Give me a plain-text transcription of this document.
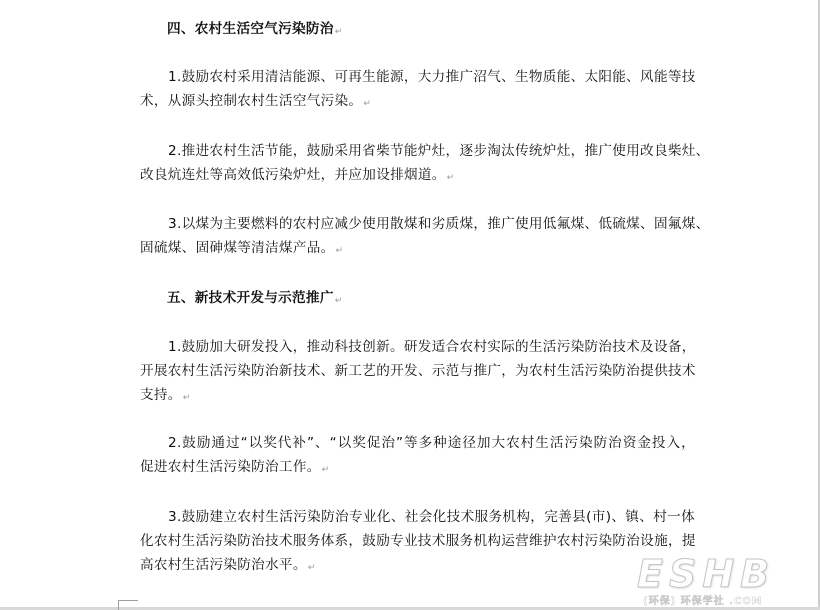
四、农村生活空气污染防治↵
1.鼓励农村采用清洁能源、可再生能源，大力推广沼气、生物质能、太阳能、风能等技
术，从源头控制农村生活空气污染。↵
2.推进农村生活节能，鼓励采用省柴节能炉灶，逐步淘汰传统炉灶，推广使用改良柴灶、
改良炕连灶等高效低污染炉灶，并应加设排烟道。↵
3.以煤为主要燃料的农村应减少使用散煤和劣质煤，推广使用低氟煤、低硫煤、固氟煤、
固硫煤、固砷煤等清洁煤产品。↵
五、新技术开发与示范推广↵
1.鼓励加大研发投入，推动科技创新。研发适合农村实际的生活污染防治技术及设备，
开展农村生活污染防治新技术、新工艺的开发、示范与推广，为农村生活污染防治提供技术
支持。↵
2.鼓励通过“以奖代补”、“以奖促治”等多种途径加大农村生活污染防治资金投入，
促进农村生活污染防治工作。↵
3.鼓励建立农村生活污染防治专业化、社会化技术服务机构，完善县(市)、镇、村一体
化农村生活污染防治技术服务体系，鼓励专业技术服务机构运营维护农村污染防治设施，提
高农村生活污染防治水平。↵	ESHB
(环保) 环保学社 .COM
